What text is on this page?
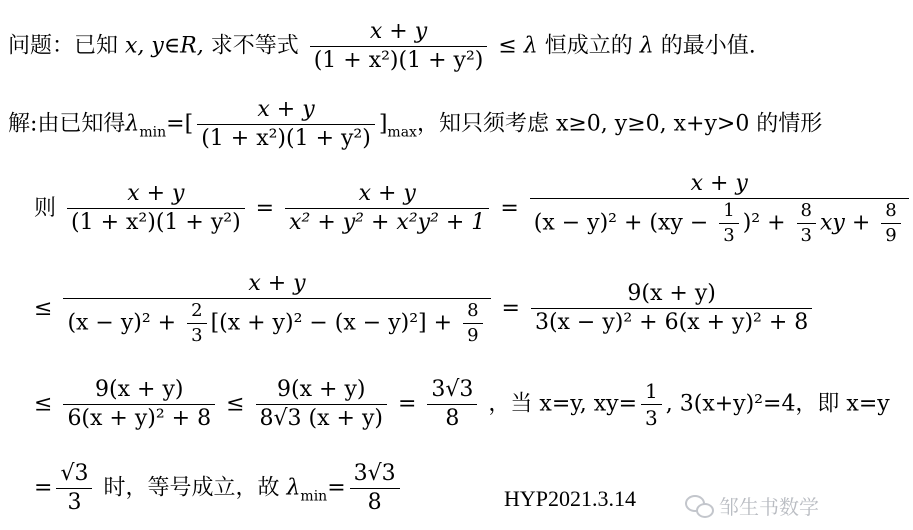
问题：已知 x, y∈R, 求不等式 $\frac{x + y}{\text{(1 + x²)(1 + y²)}} \le \lambda$ 恒成立的 λ 的最小值.
解:由已知得$\lambda_{min}=[ \frac{x + y}{\text{(1 + x²)(1 + y²)}} ]_{max}$，知只须考虑 x≥0, y≥0, x+y>0 的情形
则 $\frac{x + y}{\text{(1 + x²)(1 + y²)}} = \frac{x + y}{\text{x² + y² + x²y² + 1}} = \frac{x + y}{(x - y)^2 + (xy - \frac{1}{3} )^2 + \frac{8}{3} xy + \frac{8}{9}}$
≤ $\frac{x + y}{(x - y)^2 + \frac{2}{3} [(x + y)^2 - (x - y)^2] + \frac{8}{9}} = \frac{9(x + y)}{\text{3(x − y)² + 6(x + y)² + 8}}$
≤ $\frac{9(x + y)}{\text{6(x + y)² + 8}} \le \frac{9(x + y)}{8√3 (x + y)} = \frac{3√3}{8}$ ，当 x=y, $xy= \frac{1}{3}$ , 3(x+y)²=4，即 x=y
= $\frac{√3}{3}$ 时，等号成立，故 $\lambda_{min}= \frac{3√3}{8}$	HYP2021.3.14	邹生书数学
